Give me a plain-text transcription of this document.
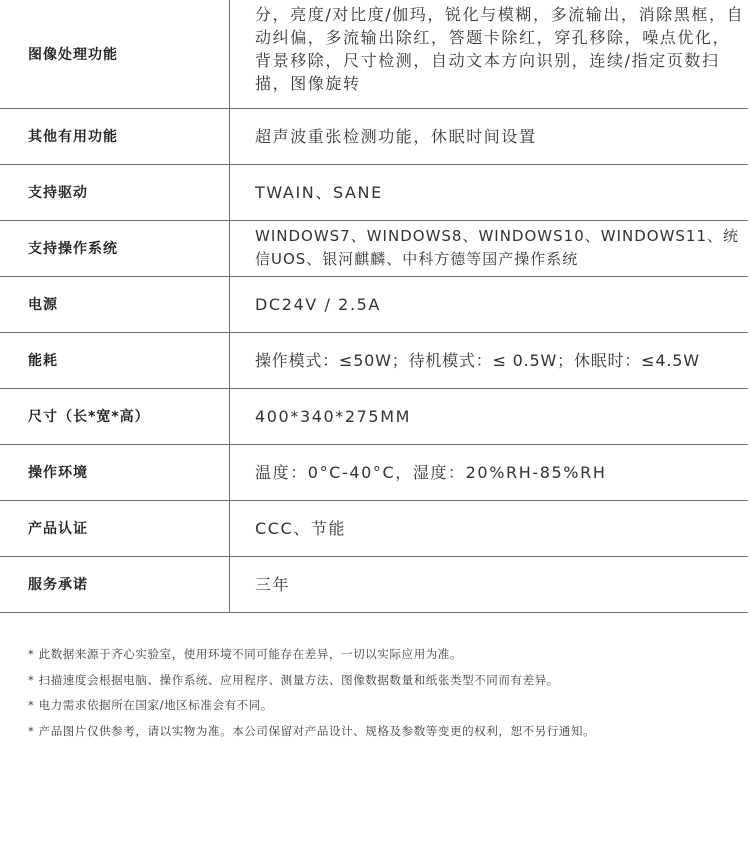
图像处理功能	分，亮度/对比度/伽玛，锐化与模糊，多流输出，消除黑框，自动纠偏，多流输出除红，答题卡除红，穿孔移除，噪点优化，背景移除，尺寸检测，自动文本方向识别，连续/指定页数扫描，图像旋转

其他有用功能	超声波重张检测功能，休眠时间设置

支持驱动	TWAIN、SANE

支持操作系统	WINDOWS7、WINDOWS8、WINDOWS10、WINDOWS11、统信UOS、银河麒麟、中科方德等国产操作系统

电源	DC24V / 2.5A

能耗	操作模式：≤50W；待机模式：≤ 0.5W；休眠时：≤4.5W

尺寸（长*宽*高）	400*340*275MM

操作环境	温度：0°C-40°C，湿度：20%RH-85%RH

产品认证	CCC、节能

服务承诺	三年
* 此数据来源于齐心实验室，使用环境不同可能存在差异，一切以实际应用为准。
* 扫描速度会根据电脑、操作系统、应用程序、测量方法、图像数据数量和纸张类型不同而有差异。
* 电力需求依据所在国家/地区标准会有不同。
* 产品图片仅供参考，请以实物为准。本公司保留对产品设计、规格及参数等变更的权利，恕不另行通知。
